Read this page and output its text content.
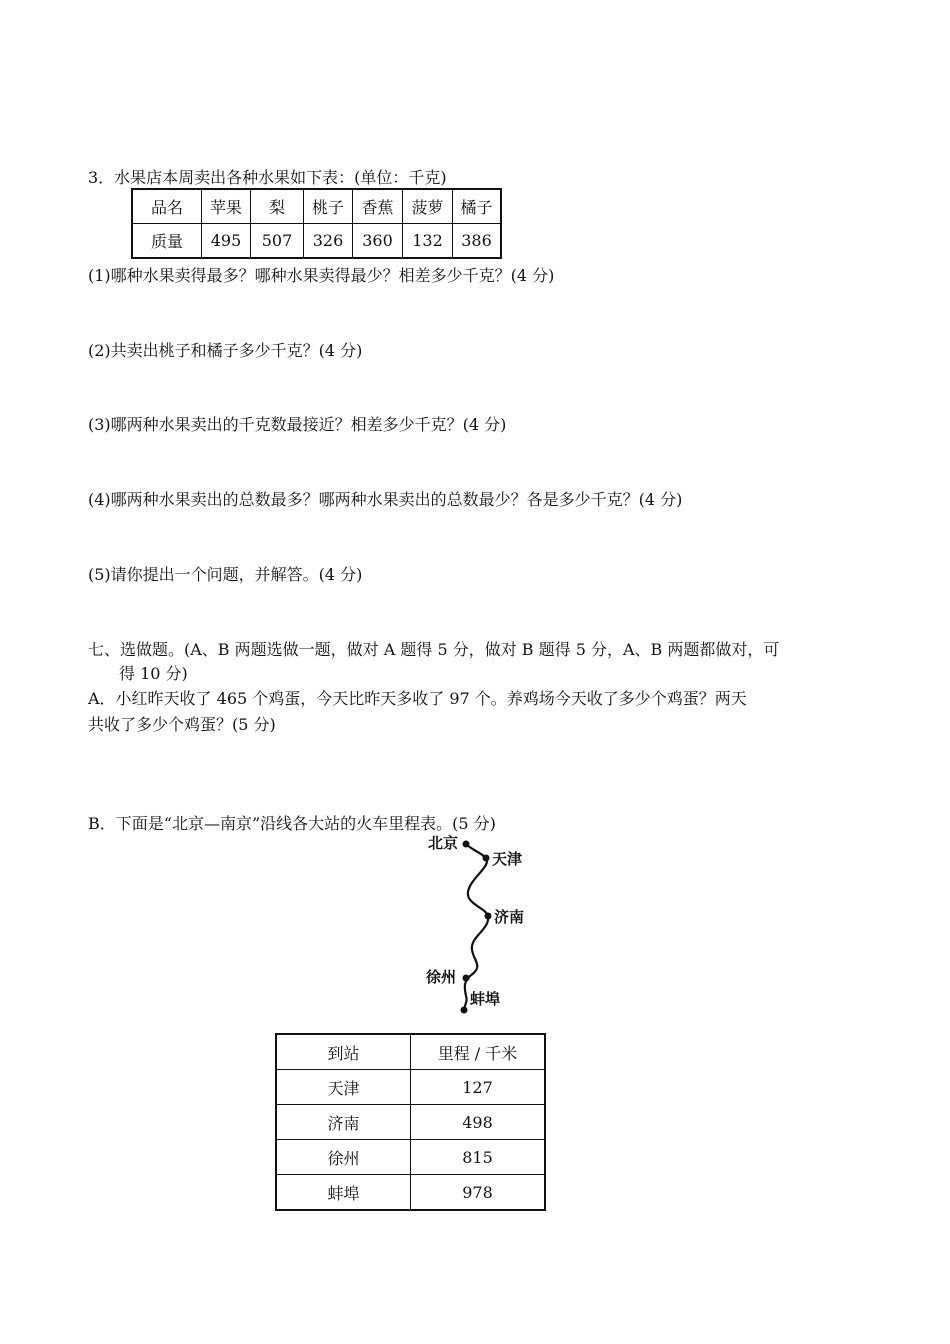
3．水果店本周卖出各种水果如下表：(单位：千克)
品名	苹果	梨	桃子	香蕉	菠萝	橘子
质量	495	507	326	360	132	386
(1)哪种水果卖得最多？哪种水果卖得最少？相差多少千克？(4 分)
(2)共卖出桃子和橘子多少千克？(4 分)
(3)哪两种水果卖出的千克数最接近？相差多少千克？(4 分)
(4)哪两种水果卖出的总数最多？哪两种水果卖出的总数最少？各是多少千克？(4 分)
(5)请你提出一个问题，并解答。(4 分)
七、选做题。(A、B 两题选做一题，做对 A 题得 5 分，做对 B 题得 5 分，A、B 两题都做对，可
得 10 分)
A．小红昨天收了 465 个鸡蛋，今天比昨天多收了 97 个。养鸡场今天收了多少个鸡蛋？两天
共收了多少个鸡蛋？(5 分)
B．下面是“北京—南京”沿线各大站的火车里程表。(5 分)
北京
天津
济南
徐州
蚌埠
到站	里程 / 千米
天津	127
济南	498
徐州	815
蚌埠	978
